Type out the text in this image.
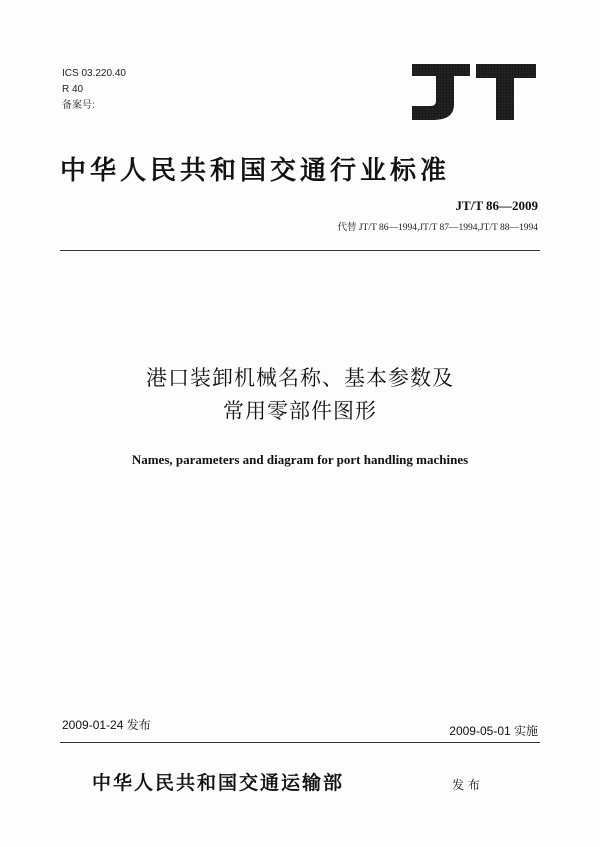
ICS 03.220.40
R 40
备案号:
中华人民共和国交通行业标准
JT/T 86—2009
代替 JT/T 86—1994,JT/T 87—1994,JT/T 88—1994
港口装卸机械名称、基本参数及
常用零部件图形
Names, parameters and diagram for port handling machines
2009-01-24 发布	2009-05-01 实施
中华人民共和国交通运输部	发布
